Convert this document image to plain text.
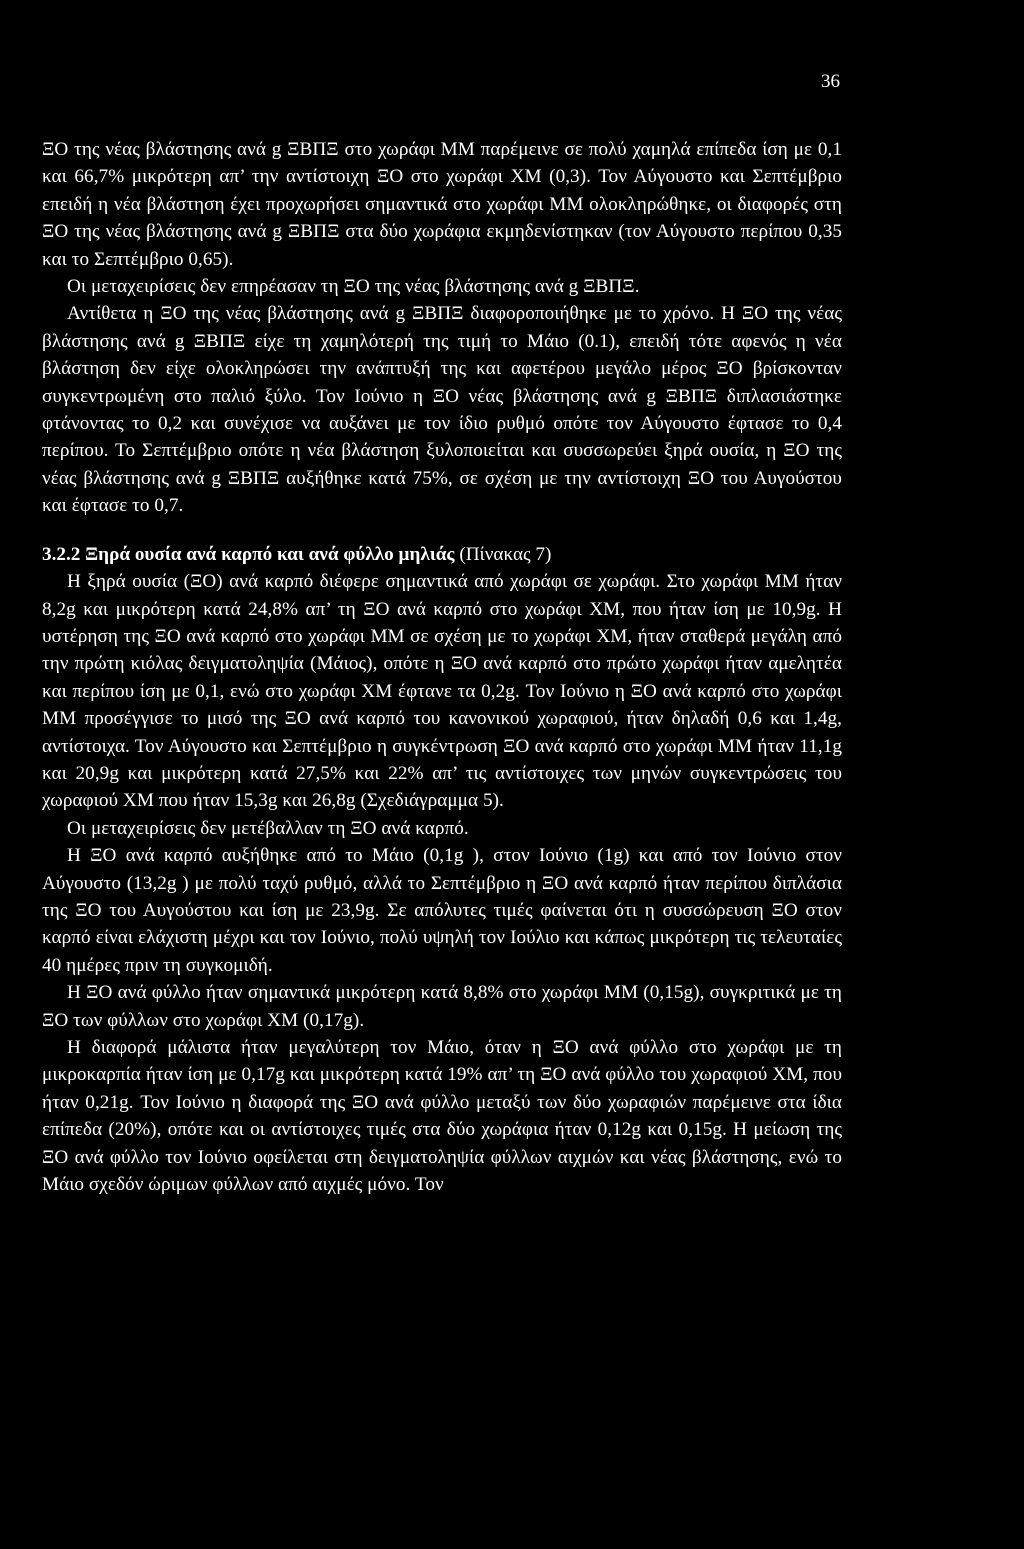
36

ΞΟ της νέας βλάστησης ανά g ΞΒΠΞ στο χωράφι ΜΜ παρέμεινε σε πολύ χαμηλά επίπεδα ίση με 0,1 και 66,7% μικρότερη απ’ την αντίστοιχη ΞΟ στο χωράφι ΧΜ (0,3). Τον Αύγουστο και Σεπτέμβριο επειδή η νέα βλάστηση έχει προχωρήσει σημαντικά στο χωράφι ΜΜ ολοκληρώθηκε, οι διαφορές στη ΞΟ της νέας βλάστησης ανά g ΞΒΠΞ στα δύο χωράφια εκμηδενίστηκαν (τον Αύγουστο περίπου 0,35 και το Σεπτέμβριο 0,65).

Οι μεταχειρίσεις δεν επηρέασαν τη ΞΟ της νέας βλάστησης ανά g ΞΒΠΞ.

Αντίθετα η ΞΟ της νέας βλάστησης ανά g ΞΒΠΞ διαφοροποιήθηκε με το χρόνο. Η ΞΟ της νέας βλάστησης ανά g ΞΒΠΞ είχε τη χαμηλότερή της τιμή το Μάιο (0.1), επειδή τότε αφενός η νέα βλάστηση δεν είχε ολοκληρώσει την ανάπτυξή της και αφετέρου μεγάλο μέρος ΞΟ βρίσκονταν συγκεντρωμένη στο παλιό ξύλο. Τον Ιούνιο η ΞΟ νέας βλάστησης ανά g ΞΒΠΞ διπλασιάστηκε φτάνοντας το 0,2 και συνέχισε να αυξάνει με τον ίδιο ρυθμό οπότε τον Αύγουστο έφτασε το 0,4 περίπου. Το Σεπτέμβριο οπότε η νέα βλάστηση ξυλοποιείται και συσσωρεύει ξηρά ουσία, η ΞΟ της νέας βλάστησης ανά g ΞΒΠΞ αυξήθηκε κατά 75%, σε σχέση με την αντίστοιχη ΞΟ του Αυγούστου και έφτασε το 0,7.

3.2.2 Ξηρά ουσία ανά καρπό και ανά φύλλο μηλιάς (Πίνακας 7)

Η ξηρά ουσία (ΞΟ) ανά καρπό διέφερε σημαντικά από χωράφι σε χωράφι. Στο χωράφι ΜΜ ήταν 8,2g και μικρότερη κατά 24,8% απ’ τη ΞΟ ανά καρπό στο χωράφι ΧΜ, που ήταν ίση με 10,9g. Η υστέρηση της ΞΟ ανά καρπό στο χωράφι ΜΜ σε σχέση με το χωράφι ΧΜ, ήταν σταθερά μεγάλη από την πρώτη κιόλας δειγματοληψία (Μάιος), οπότε η ΞΟ ανά καρπό στο πρώτο χωράφι ήταν αμελητέα και περίπου ίση με 0,1, ενώ στο χωράφι ΧΜ έφτανε τα 0,2g. Τον Ιούνιο η ΞΟ ανά καρπό στο χωράφι ΜΜ προσέγγισε το μισό της ΞΟ ανά καρπό του κανονικού χωραφιού, ήταν δηλαδή 0,6 και 1,4g, αντίστοιχα. Τον Αύγουστο και Σεπτέμβριο η συγκέντρωση ΞΟ ανά καρπό στο χωράφι ΜΜ ήταν 11,1g και 20,9g και μικρότερη κατά 27,5% και 22% απ’ τις αντίστοιχες των μηνών συγκεντρώσεις του χωραφιού ΧΜ που ήταν 15,3g και 26,8g (Σχεδιάγραμμα 5).

Οι μεταχειρίσεις δεν μετέβαλλαν τη ΞΟ ανά καρπό.

Η ΞΟ ανά καρπό αυξήθηκε από το Μάιο (0,1g ), στον Ιούνιο (1g) και από τον Ιούνιο στον Αύγουστο (13,2g ) με πολύ ταχύ ρυθμό, αλλά το Σεπτέμβριο η ΞΟ ανά καρπό ήταν περίπου διπλάσια της ΞΟ του Αυγούστου και ίση με 23,9g. Σε απόλυτες τιμές φαίνεται ότι η συσσώρευση ΞΟ στον καρπό είναι ελάχιστη μέχρι και τον Ιούνιο, πολύ υψηλή τον Ιούλιο και κάπως μικρότερη τις τελευταίες 40 ημέρες πριν τη συγκομιδή.

Η ΞΟ ανά φύλλο ήταν σημαντικά μικρότερη κατά 8,8% στο χωράφι ΜΜ (0,15g), συγκριτικά με τη ΞΟ των φύλλων στο χωράφι ΧΜ (0,17g).

Η διαφορά μάλιστα ήταν μεγαλύτερη τον Μάιο, όταν η ΞΟ ανά φύλλο στο χωράφι με τη μικροκαρπία ήταν ίση με 0,17g και μικρότερη κατά 19% απ’ τη ΞΟ ανά φύλλο του χωραφιού ΧΜ, που ήταν 0,21g. Τον Ιούνιο η διαφορά της ΞΟ ανά φύλλο μεταξύ των δύο χωραφιών παρέμεινε στα ίδια επίπεδα (20%), οπότε και οι αντίστοιχες τιμές στα δύο χωράφια ήταν 0,12g και 0,15g. Η μείωση της ΞΟ ανά φύλλο τον Ιούνιο οφείλεται στη δειγματοληψία φύλλων αιχμών και νέας βλάστησης, ενώ το Μάιο σχεδόν ώριμων φύλλων από αιχμές μόνο. Τον
